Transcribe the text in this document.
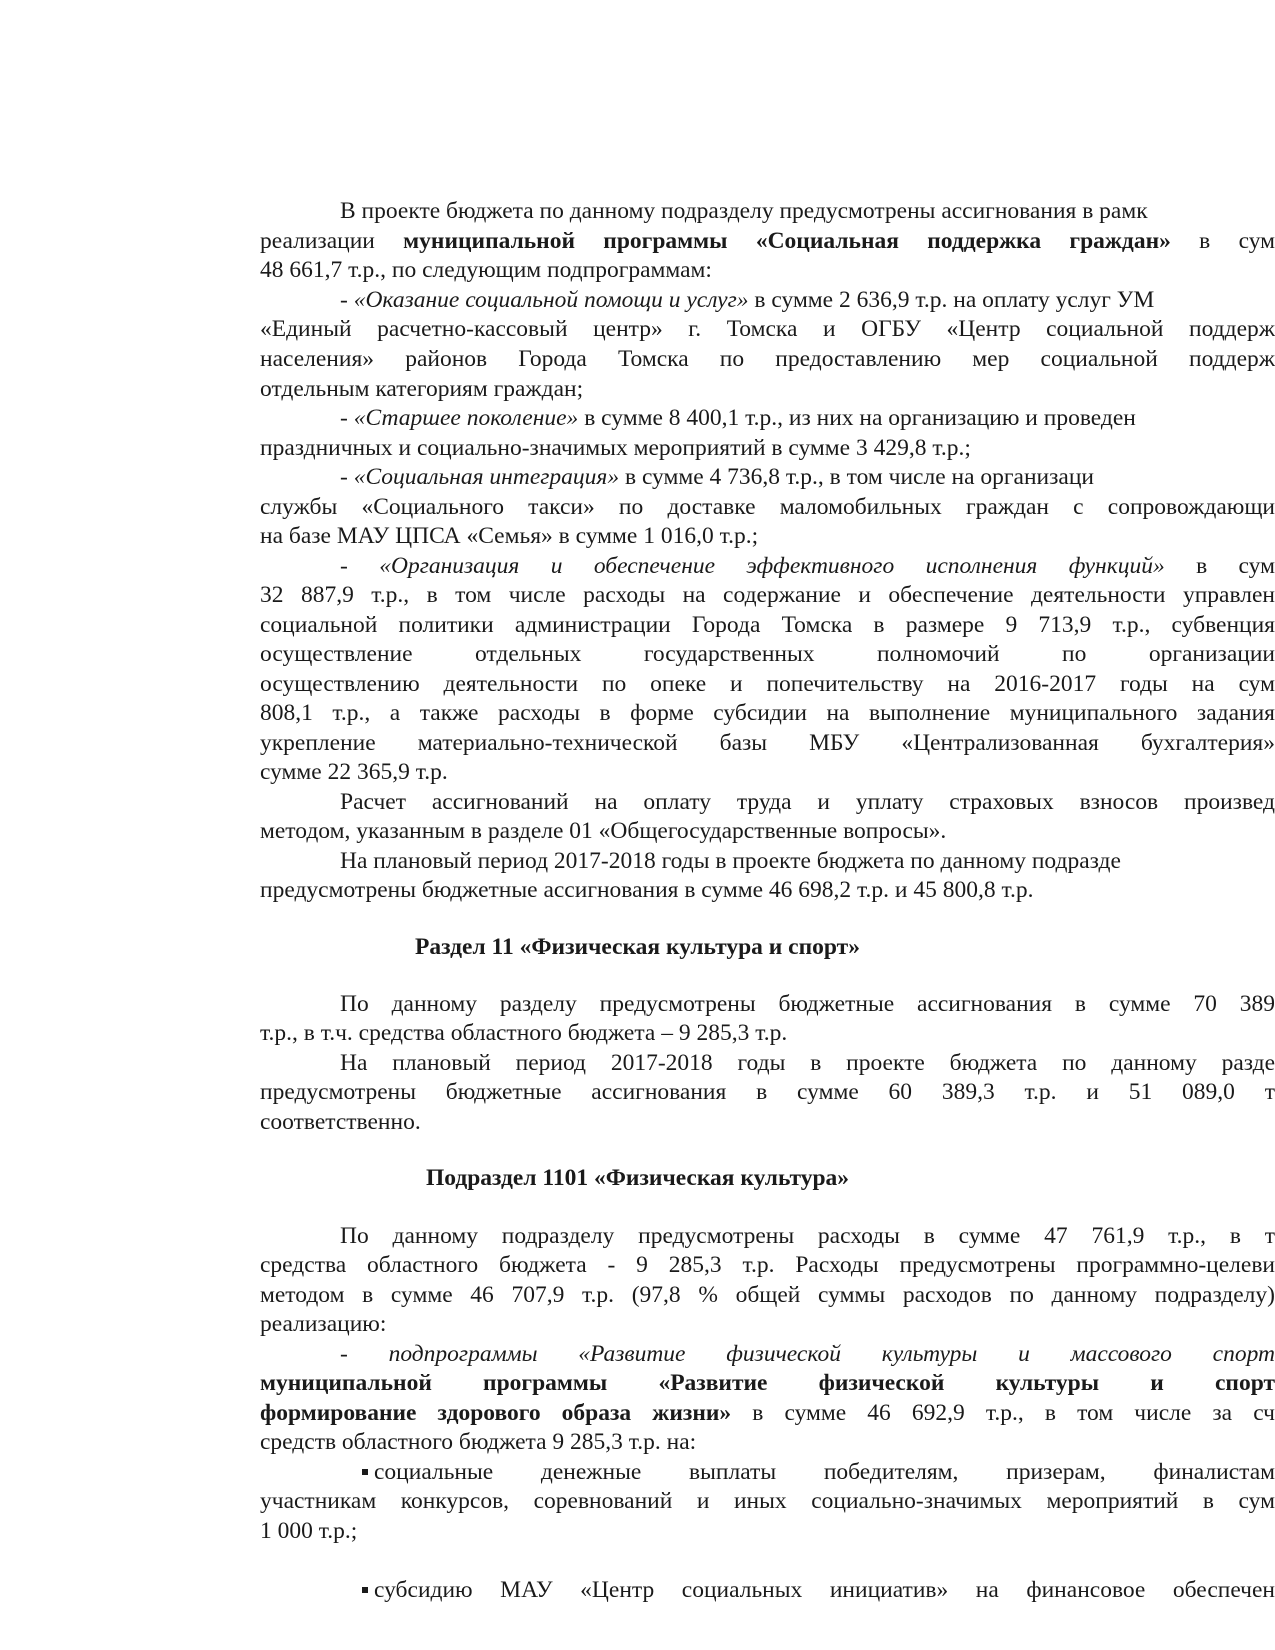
В проекте бюджета по данному подразделу предусмотрены ассигнования в рамк
реализации муниципальной программы «Социальная поддержка граждан» в сум
48 661,7 т.р., по следующим подпрограммам:
- «Оказание социальной помощи и услуг» в сумме 2 636,9 т.р. на оплату услуг УМ
«Единый расчетно-кассовый центр» г. Томска и ОГБУ «Центр социальной поддерж
населения» районов Города Томска по предоставлению мер социальной поддерж
отдельным категориям граждан;
- «Старшее поколение» в сумме 8 400,1 т.р., из них на организацию и проведен
праздничных и социально-значимых мероприятий в сумме 3 429,8 т.р.;
- «Социальная интеграция» в сумме 4 736,8 т.р., в том числе на организаци
службы «Социального такси» по доставке маломобильных граждан с сопровождающи
на базе МАУ ЦПСА «Семья» в сумме 1 016,0 т.р.;
- «Организация и обеспечение эффективного исполнения функций» в сум
32 887,9 т.р., в том числе расходы на содержание и обеспечение деятельности управлен
социальной политики администрации Города Томска в размере 9 713,9 т.р., субвенция
осуществление отдельных государственных полномочий по организации
осуществлению деятельности по опеке и попечительству на 2016-2017 годы на сум
808,1 т.р., а также расходы в форме субсидии на выполнение муниципального задания
укрепление материально-технической базы МБУ «Централизованная бухгалтерия»
сумме 22 365,9 т.р.
Расчет ассигнований на оплату труда и уплату страховых взносов произвед
методом, указанным в разделе 01 «Общегосударственные вопросы».
На плановый период 2017-2018 годы в проекте бюджета по данному подразде
предусмотрены бюджетные ассигнования в сумме 46 698,2 т.р. и 45 800,8 т.р.
Раздел 11 «Физическая культура и спорт»
По данному разделу предусмотрены бюджетные ассигнования в сумме 70 389
т.р., в т.ч. средства областного бюджета – 9 285,3 т.р.
На плановый период 2017-2018 годы в проекте бюджета по данному разде
предусмотрены бюджетные ассигнования в сумме 60 389,3 т.р. и 51 089,0 т
соответственно.
Подраздел 1101 «Физическая культура»
По данному подразделу предусмотрены расходы в сумме 47 761,9 т.р., в т
средства областного бюджета - 9 285,3 т.р. Расходы предусмотрены программно-целеви
методом в сумме 46 707,9 т.р. (97,8 % общей суммы расходов по данному подразделу)
реализацию:
- подпрограммы «Развитие физической культуры и массового спорт
муниципальной программы «Развитие физической культуры и спорт
формирование здорового образа жизни» в сумме 46 692,9 т.р., в том числе за сч
средств областного бюджета 9 285,3 т.р. на:
социальные денежные выплаты победителям, призерам, финалистам
участникам конкурсов, соревнований и иных социально-значимых мероприятий в сум
1 000 т.р.;
субсидию МАУ «Центр социальных инициатив» на финансовое обеспечен
